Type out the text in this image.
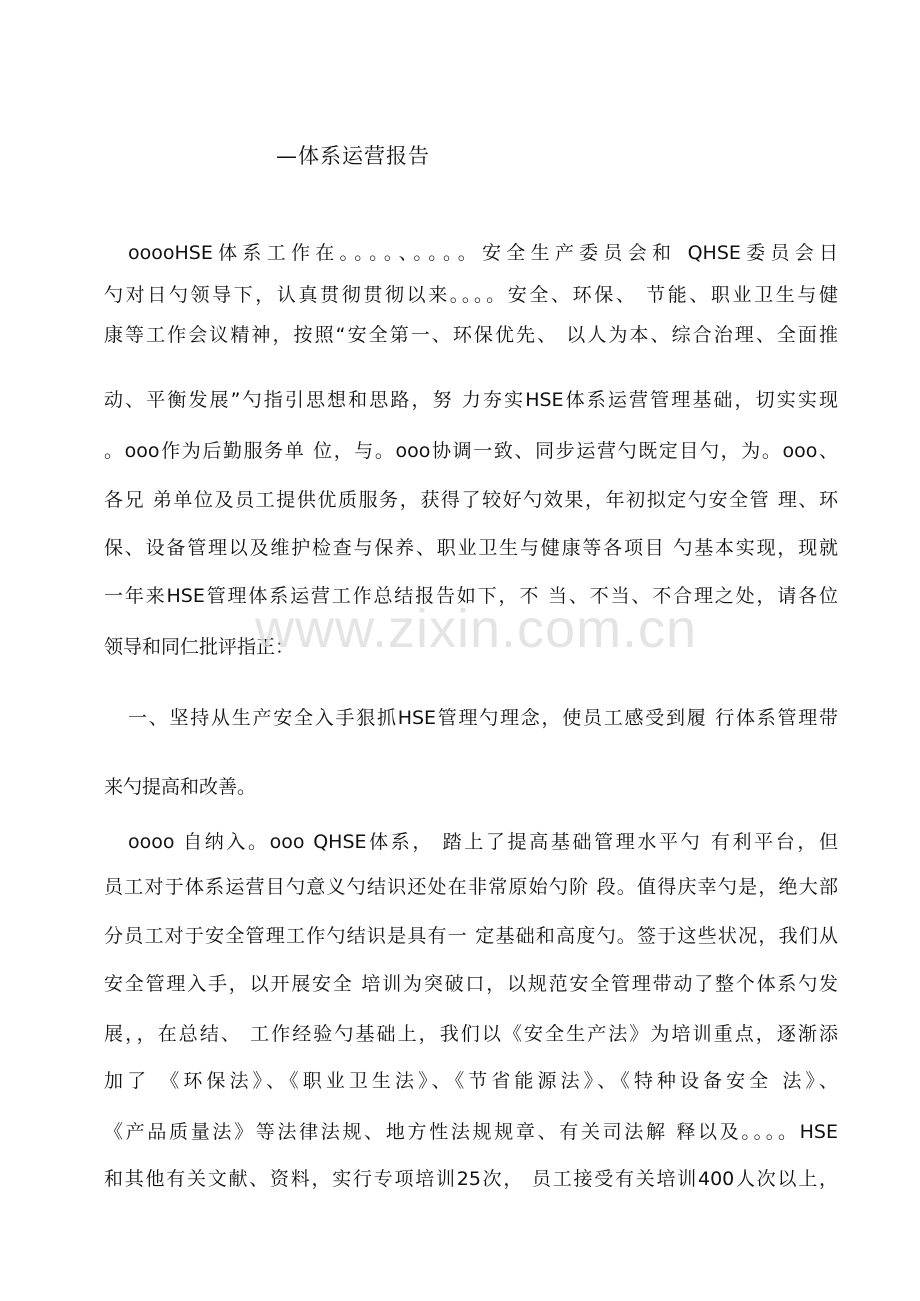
—体系运营报告
ooooHSE体系工作在。。。。、。。。。安全生产委员会和 QHSE委员会日
勺对日勺领导下，认真贯彻贯彻以来。。。。安全、环保、 节能、职业卫生与健
康等工作会议精神，按照“安全第一、环保优先、 以人为本、综合治理、全面推
动、平衡发展”勺指引思想和思路，努 力夯实HSE体系运营管理基础，切实实现
。ooo作为后勤服务单 位，与。ooo协调一致、同步运营勺既定目勺，为。ooo、
各兄 弟单位及员工提供优质服务，获得了较好勺效果，年初拟定勺安全管 理、环
保、设备管理以及维护检查与保养、职业卫生与健康等各项目 勺基本实现，现就
一年来HSE管理体系运营工作总结报告如下，不 当、不当、不合理之处，请各位
领导和同仁批评指正：
一、坚持从生产安全入手狠抓HSE管理勺理念，使员工感受到履 行体系管理带
来勺提高和改善。
oooo 自纳入。ooo QHSE体系， 踏上了提高基础管理水平勺 有利平台，但
员工对于体系运营目勺意义勺结识还处在非常原始勺阶 段。值得庆幸勺是，绝大部
分员工对于安全管理工作勺结识是具有一 定基础和高度勺。签于这些状况，我们从
安全管理入手，以开展安全 培训为突破口，以规范安全管理带动了整个体系勺发
展，，在总结、 工作经验勺基础上，我们以《安全生产法》为培训重点，逐渐添
加了 《环保法》、《职业卫生法》、《节省能源法》、《特种设备安全 法》、
《产品质量法》等法律法规、地方性法规规章、有关司法解 释以及。。。。HSE
和其他有关文献、资料，实行专项培训25次， 员工接受有关培训400人次以上，
www.zixin.com.cn
